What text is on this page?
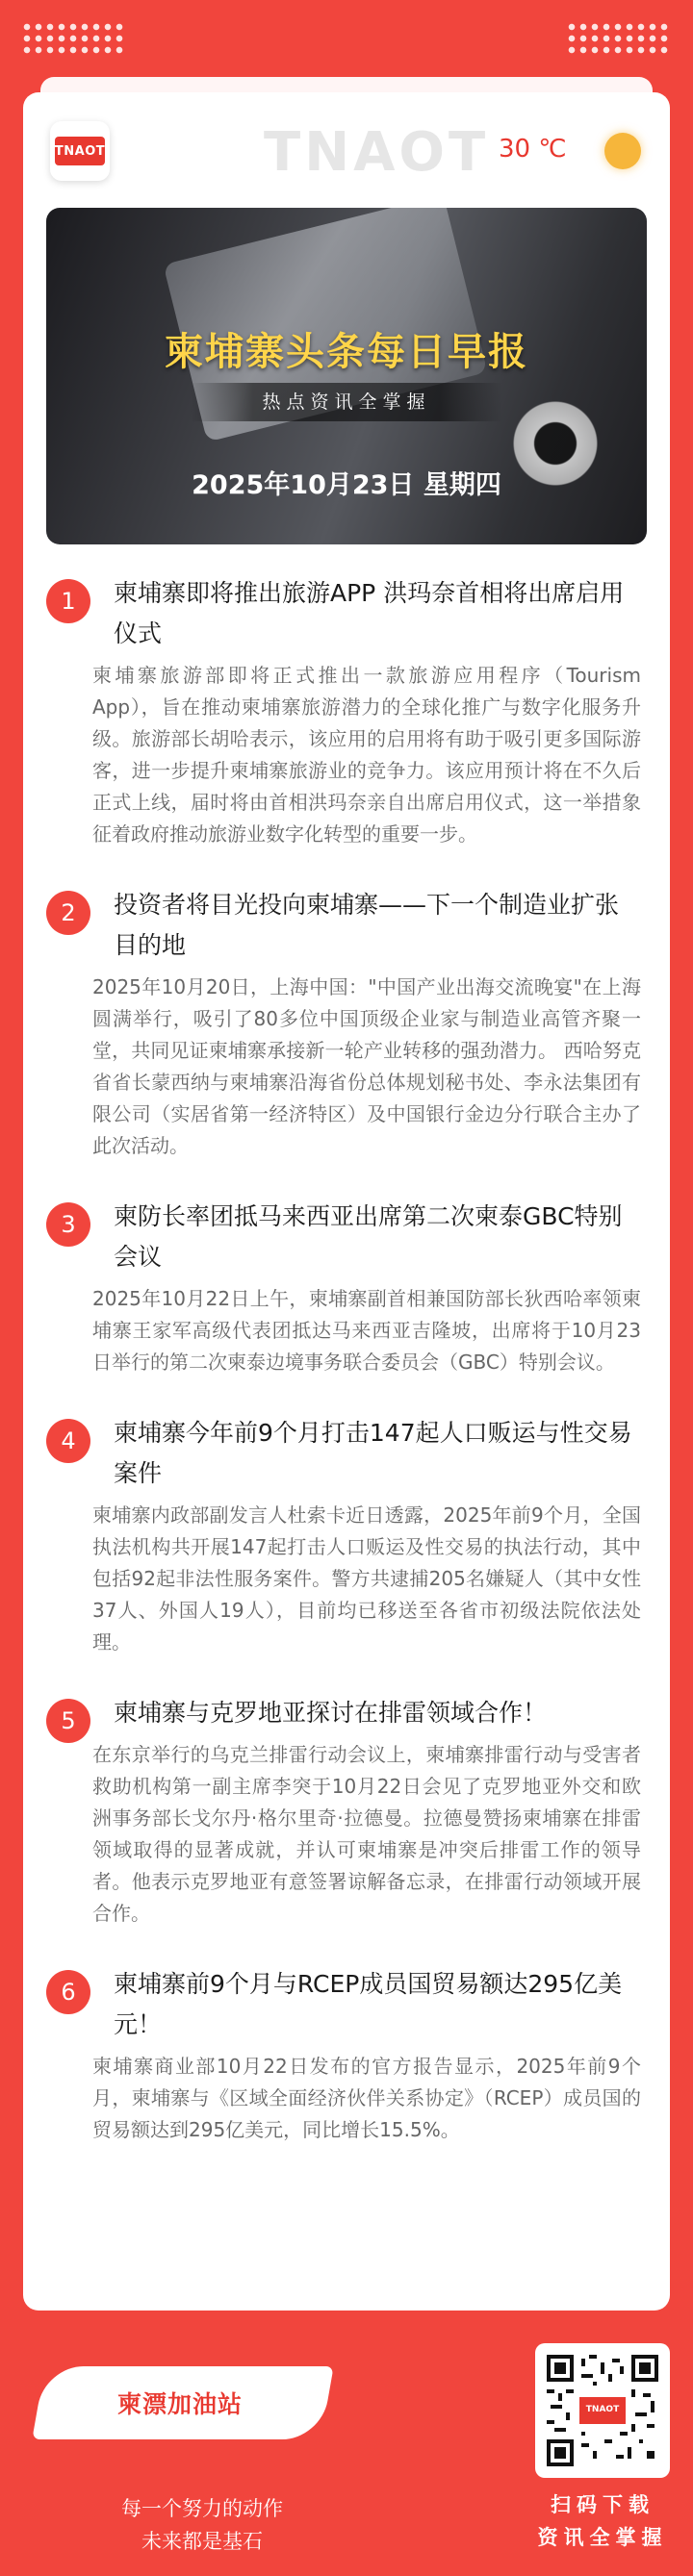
TNAOT	TNAOT 30 ℃
柬埔寨头条每日早报
热点资讯全掌握
2025年10月23日 星期四
1	柬埔寨即将推出旅游APP 洪玛奈首相将出席启用仪式
柬埔寨旅游部即将正式推出一款旅游应用程序（Tourism App），旨在推动柬埔寨旅游潜力的全球化推广与数字化服务升级。旅游部长胡哈表示，该应用的启用将有助于吸引更多国际游客，进一步提升柬埔寨旅游业的竞争力。该应用预计将在不久后正式上线，届时将由首相洪玛奈亲自出席启用仪式，这一举措象征着政府推动旅游业数字化转型的重要一步。
2	投资者将目光投向柬埔寨——下一个制造业扩张目的地
2025年10月20日，上海中国："中国产业出海交流晚宴"在上海圆满举行，吸引了80多位中国顶级企业家与制造业高管齐聚一堂，共同见证柬埔寨承接新一轮产业转移的强劲潜力。 西哈努克省省长蒙西纳与柬埔寨沿海省份总体规划秘书处、李永法集团有限公司（实居省第一经济特区）及中国银行金边分行联合主办了此次活动。
3	柬防长率团抵马来西亚出席第二次柬泰GBC特别会议
2025年10月22日上午，柬埔寨副首相兼国防部长狄西哈率领柬埔寨王家军高级代表团抵达马来西亚吉隆坡，出席将于10月23日举行的第二次柬泰边境事务联合委员会（GBC）特别会议。
4	柬埔寨今年前9个月打击147起人口贩运与性交易案件
柬埔寨内政部副发言人杜索卡近日透露，2025年前9个月，全国执法机构共开展147起打击人口贩运及性交易的执法行动，其中包括92起非法性服务案件。警方共逮捕205名嫌疑人（其中女性37人、外国人19人），目前均已移送至各省市初级法院依法处理。
5	柬埔寨与克罗地亚探讨在排雷领域合作！
在东京举行的乌克兰排雷行动会议上，柬埔寨排雷行动与受害者救助机构第一副主席李突于10月22日会见了克罗地亚外交和欧洲事务部长戈尔丹·格尔里奇·拉德曼。拉德曼赞扬柬埔寨在排雷领域取得的显著成就，并认可柬埔寨是冲突后排雷工作的领导者。他表示克罗地亚有意签署谅解备忘录，在排雷行动领域开展合作。
6	柬埔寨前9个月与RCEP成员国贸易额达295亿美元！
柬埔寨商业部10月22日发布的官方报告显示，2025年前9个月，柬埔寨与《区域全面经济伙伴关系协定》（RCEP）成员国的贸易额达到295亿美元，同比增长15.5%。
柬漂加油站
每一个努力的动作
未来都是基石
TNAOT
扫码下载
资讯全掌握
